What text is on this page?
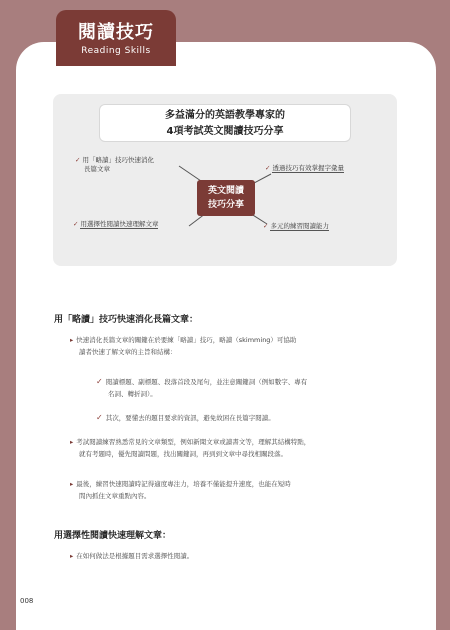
閱讀技巧
Reading Skills
多益滿分的英語教學專家的
4項考試英文閱讀技巧分享
英文閱讀
技巧分享
✓ 用「略讀」技巧快速消化
長篇文章	✓ 透過技巧有效掌握字彙量
✓ 用選擇性閱讀快速理解文章	✓ 多元的練習閱讀能力
用「略讀」技巧快速消化長篇文章：
▸ 快速消化長篇文章的關鍵在於要練「略讀」技巧，略讀（skimming）可協助
讀者快速了解文章的主旨和結構：
✓ 閱讀標題、副標題、段落首段及尾句，並注意關鍵詞（例如數字、專有
名詞、轉折詞）。
✓ 其次，要懂去的題目要求的資訊，避免故困在長篇字閱讀。
▸ 考試閱讀練習熟悉常見的文章類型，例如新聞文章或讀書文等，理解其結構特點，
就有考題時，優先閱讀問題，找出關鍵詞，再到到文章中尋找相關段落。
▸ 最後，練習快速閱讀時記得適度專注力，培養不僅能提升速度，也能在短時
間內抓住文章重點內容。
用選擇性閱讀快速理解文章：
▸ 在如何做法是根據題目需求選擇性閱讀。
008
